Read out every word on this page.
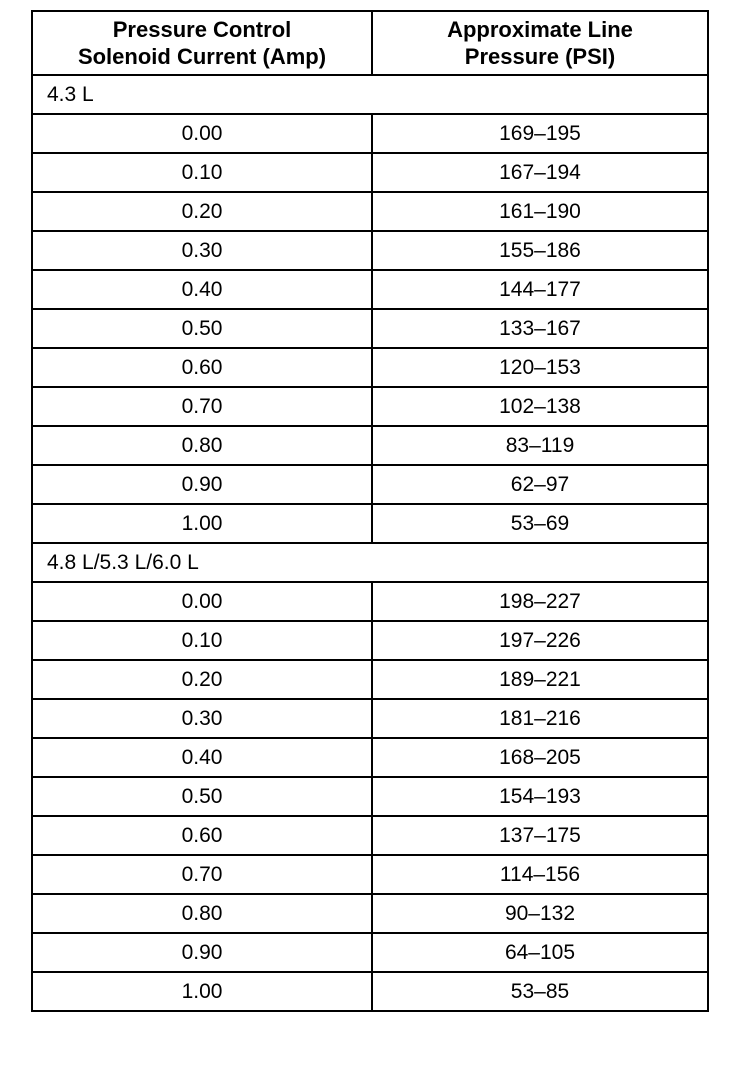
Pressure Control
Solenoid Current (Amp)	Approximate Line
Pressure (PSI)

4.3 L	
0.00	169–195
0.10	167–194
0.20	161–190
0.30	155–186
0.40	144–177
0.50	133–167
0.60	120–153
0.70	102–138
0.80	83–119
0.90	62–97
1.00	53–69
4.8 L/5.3 L/6.0 L	
0.00	198–227
0.10	197–226
0.20	189–221
0.30	181–216
0.40	168–205
0.50	154–193
0.60	137–175
0.70	114–156
0.80	90–132
0.90	64–105
1.00	53–85
